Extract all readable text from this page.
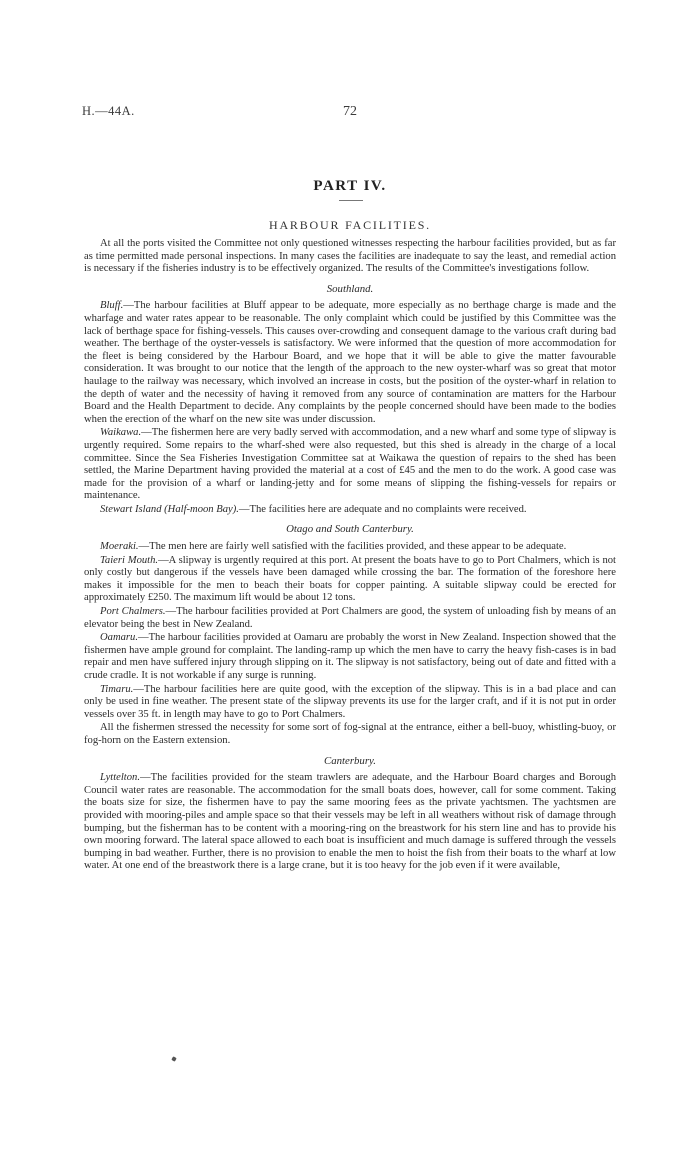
H.—44A.	72
PART IV.
HARBOUR FACILITIES.

At all the ports visited the Committee not only questioned witnesses respecting the harbour facilities provided, but as far as time permitted made personal inspections. In many cases the facilities are inadequate to say the least, and remedial action is necessary if the fisheries industry is to be effectively organized. The results of the Committee's investigations follow.

Southland.

Bluff.—The harbour facilities at Bluff appear to be adequate, more especially as no berthage charge is made and the wharfage and water rates appear to be reasonable. The only complaint which could be justified by this Committee was the lack of berthage space for fishing-vessels. This causes over-crowding and consequent damage to the various craft during bad weather. The berthage of the oyster-vessels is satisfactory. We were informed that the question of more accommodation for the fleet is being considered by the Harbour Board, and we hope that it will be able to give the matter favourable consideration. It was brought to our notice that the length of the approach to the new oyster-wharf was so great that motor haulage to the railway was necessary, which involved an increase in costs, but the position of the oyster-wharf in relation to the depth of water and the necessity of having it removed from any source of contamination are matters for the Harbour Board and the Health Department to decide. Any complaints by the people concerned should have been made to the bodies when the erection of the wharf on the new site was under discussion.

Waikawa.—The fishermen here are very badly served with accommodation, and a new wharf and some type of slipway is urgently required. Some repairs to the wharf-shed were also requested, but this shed is already in the charge of a local committee. Since the Sea Fisheries Investigation Committee sat at Waikawa the question of repairs to the shed has been settled, the Marine Department having provided the material at a cost of £45 and the men to do the work. A good case was made for the provision of a wharf or landing-jetty and for some means of slipping the fishing-vessels for repairs or maintenance.

Stewart Island (Half-moon Bay).—The facilities here are adequate and no complaints were received.

Otago and South Canterbury.

Moeraki.—The men here are fairly well satisfied with the facilities provided, and these appear to be adequate.

Taieri Mouth.—A slipway is urgently required at this port. At present the boats have to go to Port Chalmers, which is not only costly but dangerous if the vessels have been damaged while crossing the bar. The formation of the foreshore here makes it impossible for the men to beach their boats for copper painting. A suitable slipway could be erected for approximately £250. The maximum lift would be about 12 tons.

Port Chalmers.—The harbour facilities provided at Port Chalmers are good, the system of unloading fish by means of an elevator being the best in New Zealand.

Oamaru.—The harbour facilities provided at Oamaru are probably the worst in New Zealand. Inspection showed that the fishermen have ample ground for complaint. The landing-ramp up which the men have to carry the heavy fish-cases is in bad repair and men have suffered injury through slipping on it. The slipway is not satisfactory, being out of date and fitted with a crude cradle. It is not workable if any surge is running.

Timaru.—The harbour facilities here are quite good, with the exception of the slipway. This is in a bad place and can only be used in fine weather. The present state of the slipway prevents its use for the larger craft, and if it is not put in order vessels over 35 ft. in length may have to go to Port Chalmers.

All the fishermen stressed the necessity for some sort of fog-signal at the entrance, either a bell-buoy, whistling-buoy, or fog-horn on the Eastern extension.

Canterbury.

Lyttelton.—The facilities provided for the steam trawlers are adequate, and the Harbour Board charges and Borough Council water rates are reasonable. The accommodation for the small boats does, however, call for some comment. Taking the boats size for size, the fishermen have to pay the same mooring fees as the private yachtsmen. The yachtsmen are provided with mooring-piles and ample space so that their vessels may be left in all weathers without risk of damage through bumping, but the fisherman has to be content with a mooring-ring on the breastwork for his stern line and has to provide his own mooring forward. The lateral space allowed to each boat is insufficient and much damage is suffered through the vessels bumping in bad weather. Further, there is no provision to enable the men to hoist the fish from their boats to the wharf at low water. At one end of the breastwork there is a large crane, but it is too heavy for the job even if it were available,
